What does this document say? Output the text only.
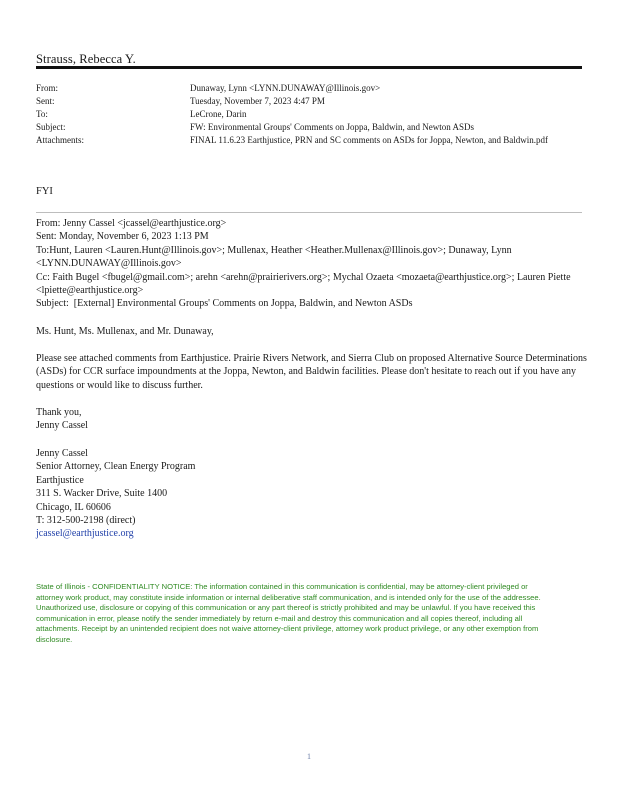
Strauss, Rebecca Y.
From:	Dunaway, Lynn <LYNN.DUNAWAY@Illinois.gov>
Sent:	Tuesday, November 7, 2023 4:47 PM
To:	LeCrone, Darin
Subject:	FW: Environmental Groups' Comments on Joppa, Baldwin, and Newton ASDs
Attachments:	FINAL 11.6.23 Earthjustice, PRN and SC comments on ASDs for Joppa, Newton, and Baldwin.pdf
FYI
From: Jenny Cassel <jcassel@earthjustice.org>
Sent: Monday, November 6, 2023 1:13 PM
To:Hunt, Lauren <Lauren.Hunt@Illinois.gov>; Mullenax, Heather <Heather.Mullenax@Illinois.gov>; Dunaway, Lynn <LYNN.DUNAWAY@Illinois.gov>
Cc: Faith Bugel <fbugel@gmail.com>; arehn <arehn@prairierivers.org>; Mychal Ozaeta <mozaeta@earthjustice.org>; Lauren Piette <lpiette@earthjustice.org>
Subject:  [External] Environmental Groups' Comments on Joppa, Baldwin, and Newton ASDs
Ms. Hunt, Ms. Mullenax, and Mr. Dunaway,
Please see attached comments from Earthjustice. Prairie Rivers Network, and Sierra Club on proposed Alternative Source Determinations (ASDs) for CCR surface impoundments at the Joppa, Newton, and Baldwin facilities. Please don't hesitate to reach out if you have any questions or would like to discuss further.
Thank you,
Jenny Cassel
Jenny Cassel
Senior Attorney, Clean Energy Program
Earthjustice
311 S. Wacker Drive, Suite 1400
Chicago, IL 60606
T: 312-500-2198 (direct)
jcassel@earthjustice.org
State of Illinois - CONFIDENTIALITY NOTICE: The information contained in this communication is confidential, may be attorney-client privileged or attorney work product, may constitute inside information or internal deliberative staff communication, and is intended only for the use of the addressee. Unauthorized use, disclosure or copying of this communication or any part thereof is strictly prohibited and may be unlawful. If you have received this communication in error, please notify the sender immediately by return e-mail and destroy this communication and all copies thereof, including all attachments. Receipt by an unintended recipient does not waive attorney-client privilege, attorney work product privilege, or any other exemption from disclosure.
1
